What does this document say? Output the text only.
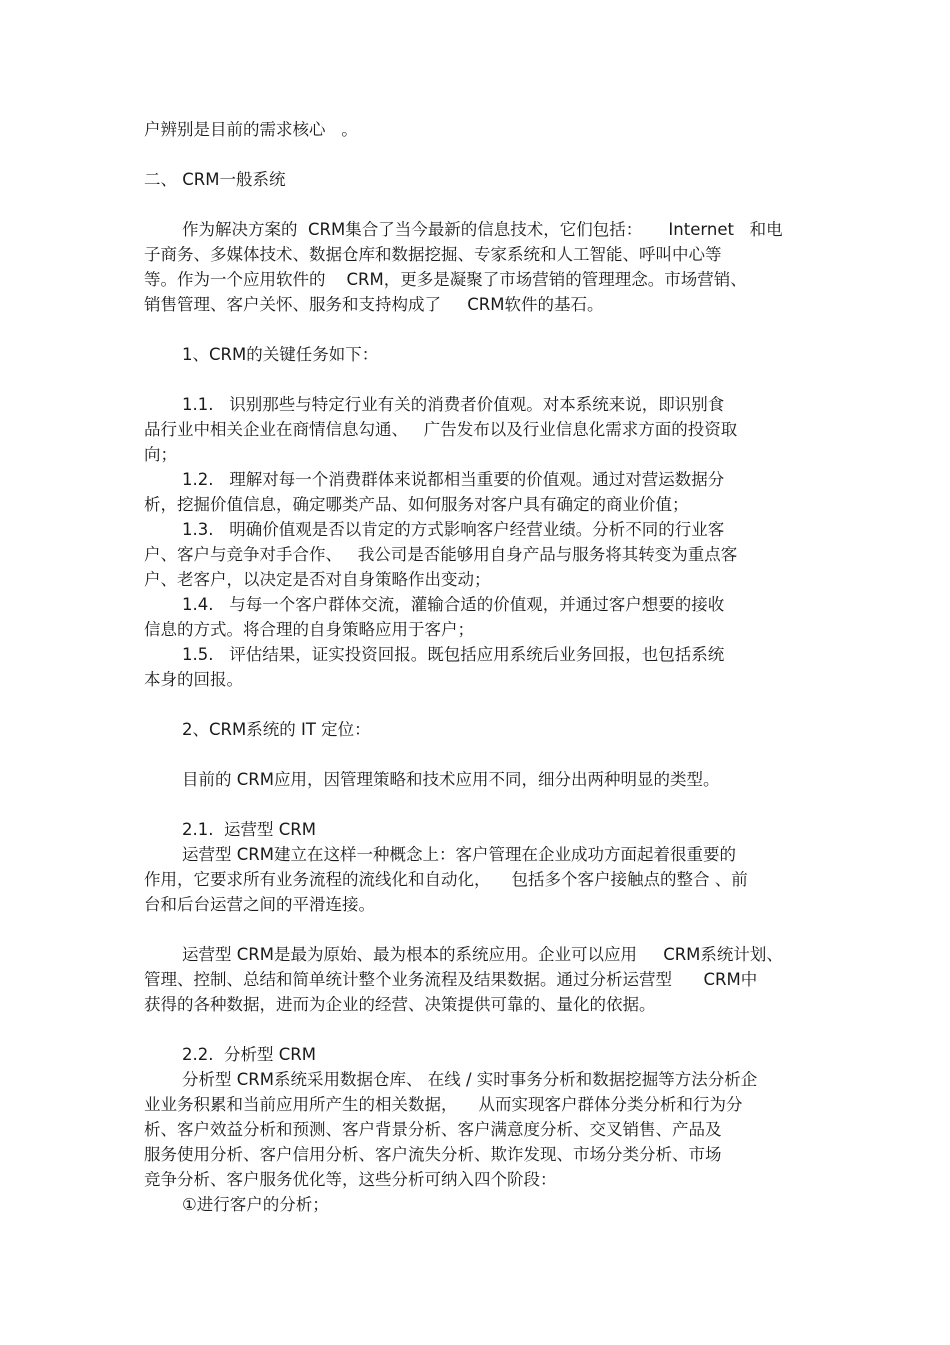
户辨别是目前的需求核心   。

二、 CRM一般系统

作为解决方案的  CRM集合了当今最新的信息技术，它们包括：     Internet   和电

子商务、多媒体技术、数据仓库和数据挖掘、专家系统和人工智能、呼叫中心等

等。作为一个应用软件的    CRM，更多是凝聚了市场营销的管理理念。市场营销、

销售管理、客户关怀、服务和支持构成了     CRM软件的基石。

1、CRM的关键任务如下：

1.1.   识别那些与特定行业有关的消费者价值观。对本系统来说，即识别食

品行业中相关企业在商情信息勾通、   广告发布以及行业信息化需求方面的投资取

向；

1.2.   理解对每一个消费群体来说都相当重要的价值观。通过对营运数据分

析，挖掘价值信息，确定哪类产品、如何服务对客户具有确定的商业价值；

1.3.   明确价值观是否以肯定的方式影响客户经营业绩。分析不同的行业客

户、客户与竞争对手合作、   我公司是否能够用自身产品与服务将其转变为重点客

户、老客户，以决定是否对自身策略作出变动；

1.4.   与每一个客户群体交流，灌输合适的价值观，并通过客户想要的接收

信息的方式。将合理的自身策略应用于客户；

1.5.   评估结果，证实投资回报。既包括应用系统后业务回报，也包括系统

本身的回报。

2、CRM系统的 IT 定位：

目前的 CRM应用，因管理策略和技术应用不同，细分出两种明显的类型。

2.1.  运营型 CRM

运营型 CRM建立在这样一种概念上：客户管理在企业成功方面起着很重要的

作用，它要求所有业务流程的流线化和自动化，    包括多个客户接触点的整合 、前

台和后台运营之间的平滑连接。

运营型 CRM是最为原始、最为根本的系统应用。企业可以应用     CRM系统计划、

管理、控制、总结和简单统计整个业务流程及结果数据。通过分析运营型      CRM中

获得的各种数据，进而为企业的经营、决策提供可靠的、量化的依据。

2.2.  分析型 CRM

分析型 CRM系统采用数据仓库、 在线 / 实时事务分析和数据挖掘等方法分析企

业业务积累和当前应用所产生的相关数据，    从而实现客户群体分类分析和行为分

析、客户效益分析和预测、客户背景分析、客户满意度分析、交叉销售、产品及

服务使用分析、客户信用分析、客户流失分析、欺诈发现、市场分类分析、市场

竞争分析、客户服务优化等，这些分析可纳入四个阶段：

①进行客户的分析；
